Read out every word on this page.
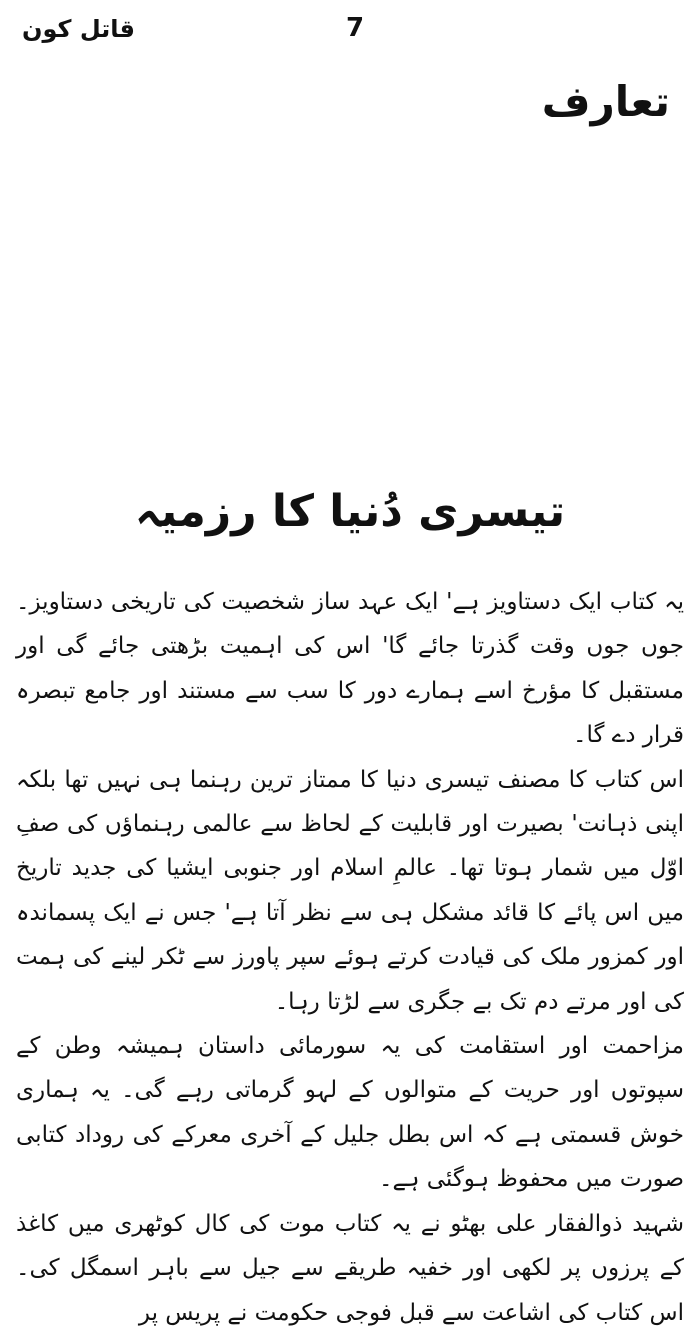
قاتل کون	7
تعارف
تیسری دُنیا کا رزمیہ

یہ کتاب ایک دستاویز ہے' ایک عہد ساز شخصیت کی تاریخی دستاویز۔ جوں جوں وقت گذرتا جائے گا' اس کی اہمیت بڑھتی جائے گی اور مستقبل کا مؤرخ اسے ہمارے دور کا سب سے مستند اور جامع تبصرہ قرار دے گا۔

اس کتاب کا مصنف تیسری دنیا کا ممتاز ترین رہنما ہی نہیں تھا بلکہ اپنی ذہانت' بصیرت اور قابلیت کے لحاظ سے عالمی رہنماؤں کی صفِ اوّل میں شمار ہوتا تھا۔ عالمِ اسلام اور جنوبی ایشیا کی جدید تاریخ میں اس پائے کا قائد مشکل ہی سے نظر آتا ہے' جس نے ایک پسماندہ اور کمزور ملک کی قیادت کرتے ہوئے سپر پاورز سے ٹکر لینے کی ہمت کی اور مرتے دم تک بے جگری سے لڑتا رہا۔

مزاحمت اور استقامت کی یہ سورمائی داستان ہمیشہ وطن کے سپوتوں اور حریت کے متوالوں کے لہو گرماتی رہے گی۔ یہ ہماری خوش قسمتی ہے کہ اس بطل جلیل کے آخری معرکے کی روداد کتابی صورت میں محفوظ ہوگئی ہے۔

شہید ذوالفقار علی بھٹو نے یہ کتاب موت کی کال کوٹھری میں کاغذ کے پرزوں پر لکھی اور خفیہ طریقے سے جیل سے باہر اسمگل کی۔ اس کتاب کی اشاعت سے قبل فوجی حکومت نے پریس پر
